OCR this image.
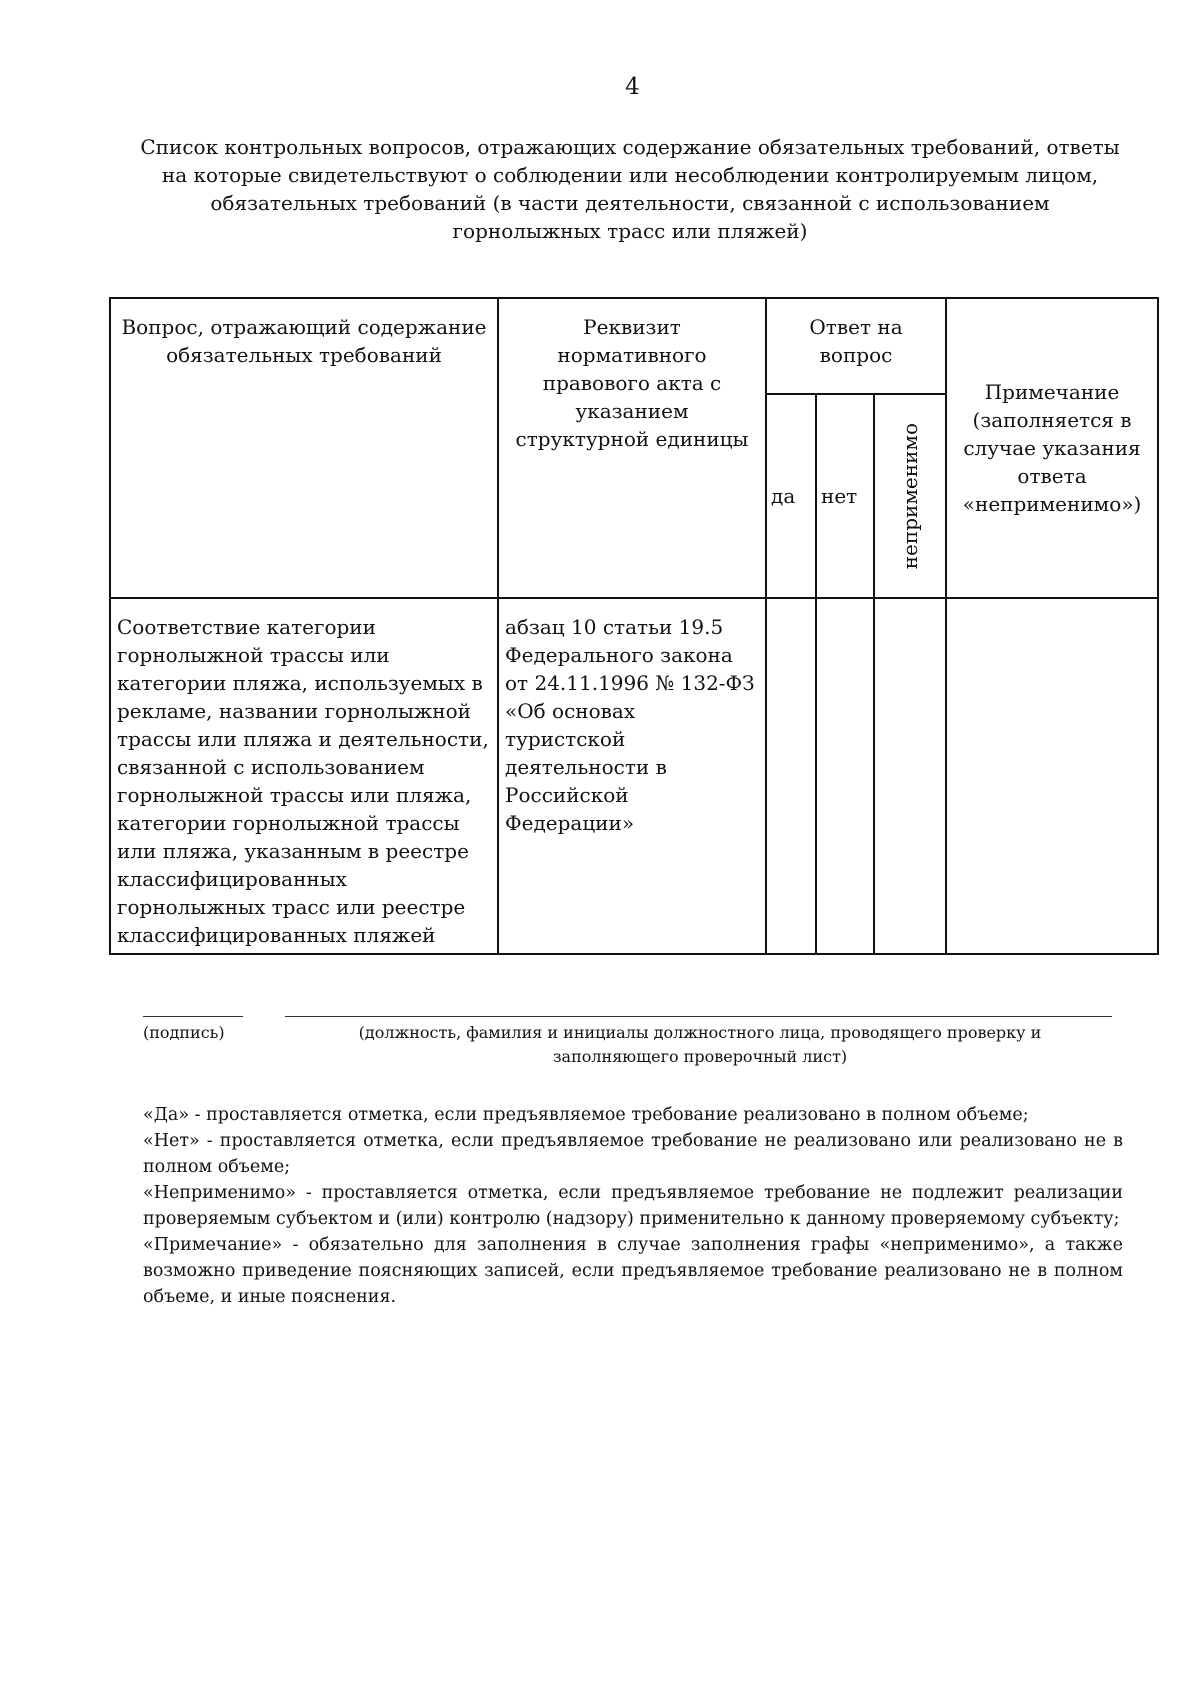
4
Список контрольных вопросов, отражающих содержание обязательных требований, ответы
на которые свидетельствуют о соблюдении или несоблюдении контролируемым лицом,
обязательных требований (в части деятельности, связанной с использованием
горнолыжных трасс или пляжей)
Вопрос, отражающий содержание обязательных требований	Реквизит нормативного правового акта с указанием структурной единицы	Ответ на вопрос			Примечание (заполняется в случае указания ответа «неприменимо»)

		да	нет	неприменимо	

Соответствие категории горнолыжной трассы или категории пляжа, используемых в рекламе, названии горнолыжной трассы или пляжа и деятельности, связанной с использованием горнолыжной трассы или пляжа, категории горнолыжной трассы или пляжа, указанным в реестре классифицированных горнолыжных трасс или реестре классифицированных пляжей	абзац 10 статьи 19.5 Федерального закона от 24.11.1996 № 132-ФЗ «Об основах туристской деятельности в Российской Федерации»				
(подпись)	(должность, фамилия и инициалы должностного лица, проводящего проверку и
заполняющего проверочный лист)

«Да» - проставляется отметка, если предъявляемое требование реализовано в полном объеме;

«Нет» - проставляется отметка, если предъявляемое требование не реализовано или реализовано не в полном объеме;

«Неприменимо» - проставляется отметка, если предъявляемое требование не подлежит реализации проверяемым субъектом и (или) контролю (надзору) применительно к данному проверяемому субъекту;

«Примечание» - обязательно для заполнения в случае заполнения графы «неприменимо», а также возможно приведение поясняющих записей, если предъявляемое требование реализовано не в полном объеме, и иные пояснения.
